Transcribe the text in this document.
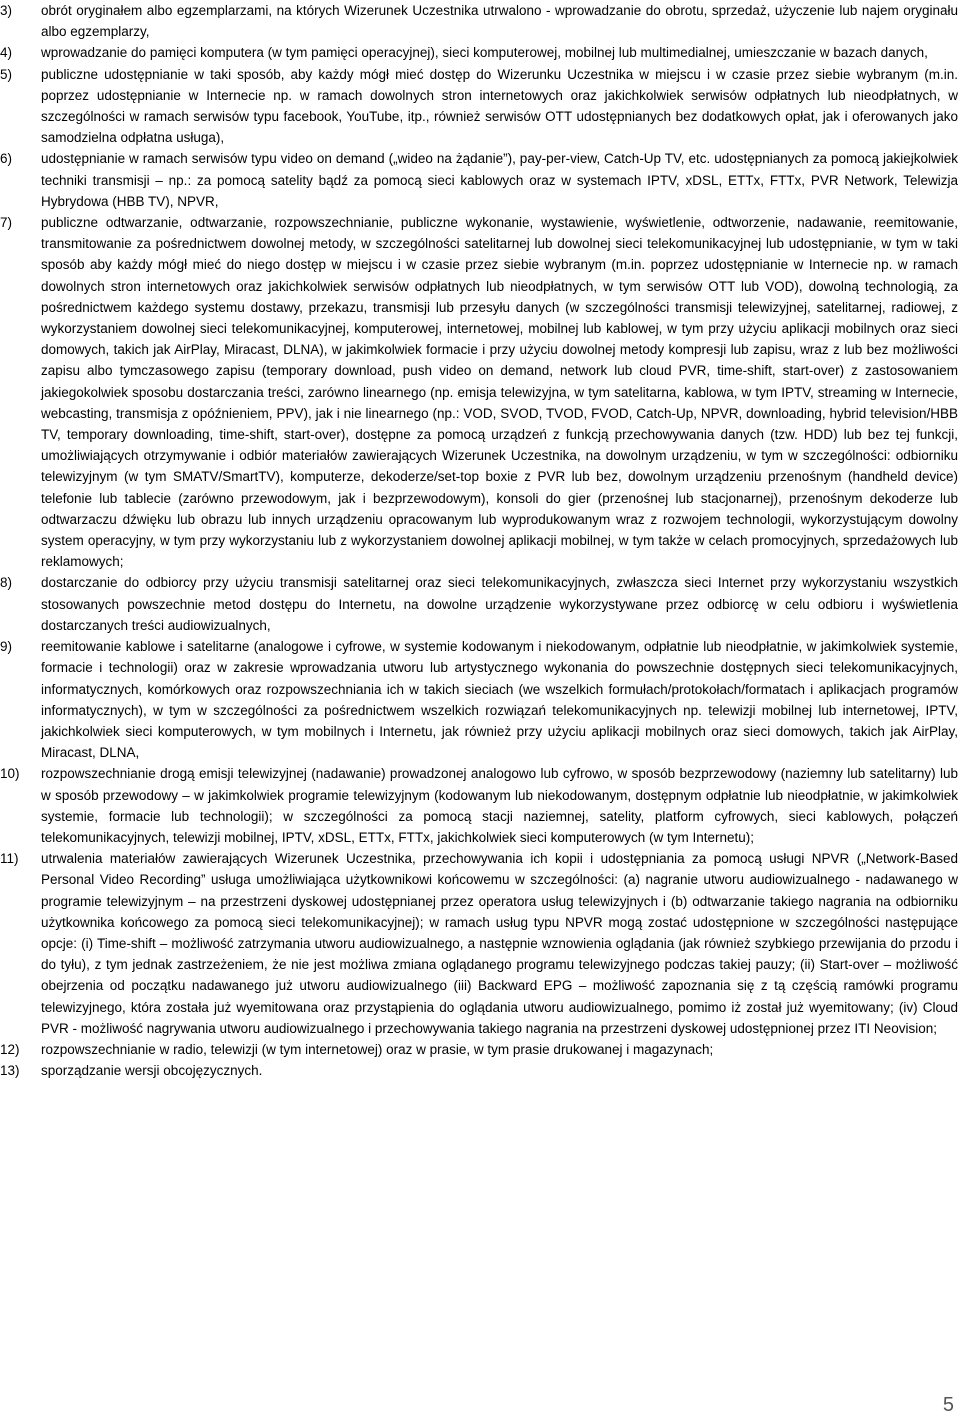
3) obrót oryginałem albo egzemplarzami, na których Wizerunek Uczestnika utrwalono - wprowadzanie do obrotu, sprzedaż, użyczenie lub najem oryginału albo egzemplarzy,
4) wprowadzanie do pamięci komputera (w tym pamięci operacyjnej), sieci komputerowej, mobilnej lub multimedialnej, umieszczanie w bazach danych,
5) publiczne udostępnianie w taki sposób, aby każdy mógł mieć dostęp do Wizerunku Uczestnika w miejscu i w czasie przez siebie wybranym (m.in. poprzez udostępnianie w Internecie np. w ramach dowolnych stron internetowych oraz jakichkolwiek serwisów odpłatnych lub nieodpłatnych, w szczególności w ramach serwisów typu facebook, YouTube, itp., również serwisów OTT udostępnianych bez dodatkowych opłat, jak i oferowanych jako samodzielna odpłatna usługa),
6) udostępnianie w ramach serwisów typu video on demand („wideo na żądanie”), pay-per-view, Catch-Up TV, etc. udostępnianych za pomocą jakiejkolwiek techniki transmisji – np.: za pomocą satelity bądź za pomocą sieci kablowych oraz w systemach IPTV, xDSL, ETTx, FTTx, PVR Network, Telewizja Hybrydowa (HBB TV), NPVR,
7) publiczne odtwarzanie, odtwarzanie, rozpowszechnianie, publiczne wykonanie, wystawienie, wyświetlenie, odtworzenie, nadawanie, reemitowanie, transmitowanie za pośrednictwem dowolnej metody, w szczególności satelitarnej lub dowolnej sieci telekomunikacyjnej lub udostępnianie, w tym w taki sposób aby każdy mógł mieć do niego dostęp w miejscu i w czasie przez siebie wybranym (m.in. poprzez udostępnianie w Internecie np. w ramach dowolnych stron internetowych oraz jakichkolwiek serwisów odpłatnych lub nieodpłatnych, w tym serwisów OTT lub VOD), dowolną technologią, za pośrednictwem każdego systemu dostawy, przekazu, transmisji lub przesyłu danych (w szczególności transmisji telewizyjnej, satelitarnej, radiowej, z wykorzystaniem dowolnej sieci telekomunikacyjnej, komputerowej, internetowej, mobilnej lub kablowej, w tym przy użyciu aplikacji mobilnych oraz sieci domowych, takich jak AirPlay, Miracast, DLNA), w jakimkolwiek formacie i przy użyciu dowolnej metody kompresji lub zapisu, wraz z lub bez możliwości zapisu albo tymczasowego zapisu (temporary download, push video on demand, network lub cloud PVR, time-shift, start-over) z zastosowaniem jakiegokolwiek sposobu dostarczania treści, zarówno linearnego (np. emisja telewizyjna, w tym satelitarna, kablowa, w tym IPTV, streaming w Internecie, webcasting, transmisja z opóźnieniem, PPV), jak i nie linearnego (np.: VOD, SVOD, TVOD, FVOD, Catch-Up, NPVR, downloading, hybrid television/HBB TV, temporary downloading, time-shift, start-over), dostępne za pomocą urządzeń z funkcją przechowywania danych (tzw. HDD) lub bez tej funkcji, umożliwiających otrzymywanie i odbiór materiałów zawierających Wizerunek Uczestnika, na dowolnym urządzeniu, w tym w szczególności: odbiorniku telewizyjnym (w tym SMATV/SmartTV), komputerze, dekoderze/set-top boxie z PVR lub bez, dowolnym urządzeniu przenośnym (handheld device) telefonie lub tablecie (zarówno przewodowym, jak i bezprzewodowym), konsoli do gier (przenośnej lub stacjonarnej), przenośnym dekoderze lub odtwarzaczu dźwięku lub obrazu lub innych urządzeniu opracowanym lub wyprodukowanym wraz z rozwojem technologii, wykorzystującym dowolny system operacyjny, w tym przy wykorzystaniu lub z wykorzystaniem dowolnej aplikacji mobilnej, w tym także w celach promocyjnych, sprzedażowych lub reklamowych;
8) dostarczanie do odbiorcy przy użyciu transmisji satelitarnej oraz sieci telekomunikacyjnych, zwłaszcza sieci Internet przy wykorzystaniu wszystkich stosowanych powszechnie metod dostępu do Internetu, na dowolne urządzenie wykorzystywane przez odbiorcę w celu odbioru i wyświetlenia dostarczanych treści audiowizualnych,
9) reemitowanie kablowe i satelitarne (analogowe i cyfrowe, w systemie kodowanym i niekodowanym, odpłatnie lub nieodpłatnie, w jakimkolwiek systemie, formacie i technologii) oraz w zakresie wprowadzania utworu lub artystycznego wykonania do powszechnie dostępnych sieci telekomunikacyjnych, informatycznych, komórkowych oraz rozpowszechniania ich w takich sieciach (we wszelkich formułach/protokołach/formatach i aplikacjach programów informatycznych), w tym w szczególności za pośrednictwem wszelkich rozwiązań telekomunikacyjnych np. telewizji mobilnej lub internetowej, IPTV, jakichkolwiek sieci komputerowych, w tym mobilnych i Internetu, jak również przy użyciu aplikacji mobilnych oraz sieci domowych, takich jak AirPlay, Miracast, DLNA,
10) rozpowszechnianie drogą emisji telewizyjnej (nadawanie) prowadzonej analogowo lub cyfrowo, w sposób bezprzewodowy (naziemny lub satelitarny) lub w sposób przewodowy – w jakimkolwiek programie telewizyjnym (kodowanym lub niekodowanym, dostępnym odpłatnie lub nieodpłatnie, w jakimkolwiek systemie, formacie lub technologii); w szczególności za pomocą stacji naziemnej, satelity, platform cyfrowych, sieci kablowych, połączeń telekomunikacyjnych, telewizji mobilnej, IPTV, xDSL, ETTx, FTTx, jakichkolwiek sieci komputerowych (w tym Internetu);
11) utrwalenia materiałów zawierających Wizerunek Uczestnika, przechowywania ich kopii i udostępniania za pomocą usługi NPVR („Network-Based Personal Video Recording” usługa umożliwiająca użytkownikowi końcowemu w szczególności: (a) nagranie utworu audiowizualnego - nadawanego w programie telewizyjnym – na przestrzeni dyskowej udostępnianej przez operatora usług telewizyjnych i (b) odtwarzanie takiego nagrania na odbiorniku użytkownika końcowego za pomocą sieci telekomunikacyjnej); w ramach usług typu NPVR mogą zostać udostępnione w szczególności następujące opcje: (i) Time-shift – możliwość zatrzymania utworu audiowizualnego, a następnie wznowienia oglądania (jak również szybkiego przewijania do przodu i do tyłu), z tym jednak zastrzeżeniem, że nie jest możliwa zmiana oglądanego programu telewizyjnego podczas takiej pauzy; (ii) Start-over – możliwość obejrzenia od początku nadawanego już utworu audiowizualnego (iii) Backward EPG – możliwość zapoznania się z tą częścią ramówki programu telewizyjnego, która została już wyemitowana oraz przystąpienia do oglądania utworu audiowizualnego, pomimo iż został już wyemitowany; (iv) Cloud PVR - możliwość nagrywania utworu audiowizualnego i przechowywania takiego nagrania na przestrzeni dyskowej udostępnionej przez ITI Neovision;
12) rozpowszechnianie w radio, telewizji (w tym internetowej) oraz w prasie, w tym prasie drukowanej i magazynach;
13) sporządzanie wersji obcojęzycznych.
5
